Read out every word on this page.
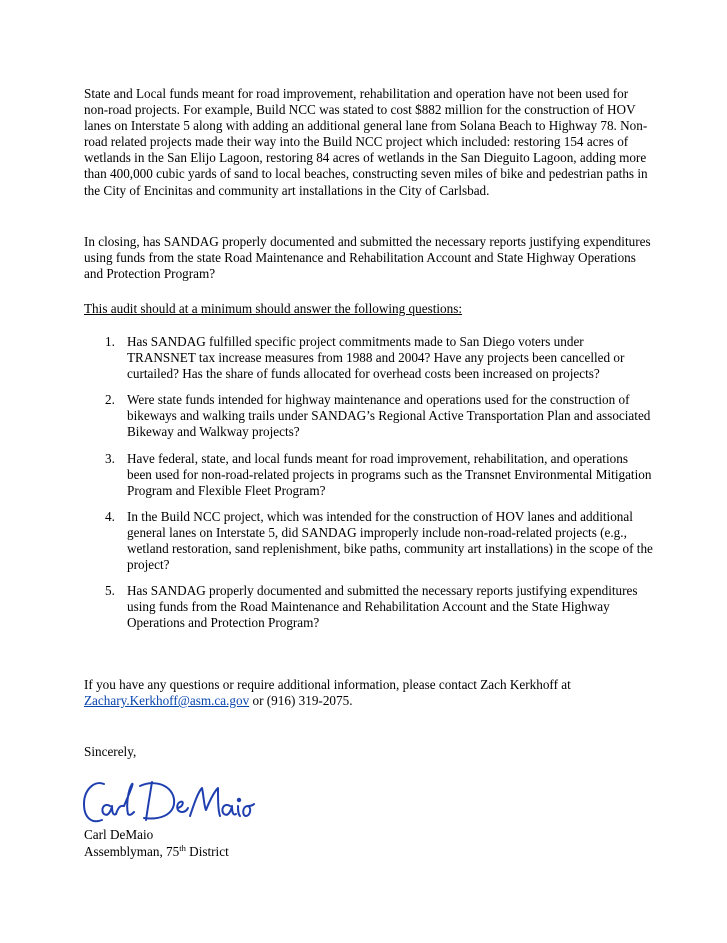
State and Local funds meant for road improvement, rehabilitation and operation have not been used for non-road projects. For example, Build NCC was stated to cost $882 million for the construction of HOV lanes on Interstate 5 along with adding an additional general lane from Solana Beach to Highway 78. Non-road related projects made their way into the Build NCC project which included: restoring 154 acres of wetlands in the San Elijo Lagoon, restoring 84 acres of wetlands in the San Dieguito Lagoon, adding more than 400,000 cubic yards of sand to local beaches, constructing seven miles of bike and pedestrian paths in the City of Encinitas and community art installations in the City of Carlsbad.

In closing, has SANDAG properly documented and submitted the necessary reports justifying expenditures using funds from the state Road Maintenance and Rehabilitation Account and State Highway Operations and Protection Program?

This audit should at a minimum should answer the following questions:

1. Has SANDAG fulfilled specific project commitments made to San Diego voters under TRANSNET tax increase measures from 1988 and 2004? Have any projects been cancelled or curtailed? Has the share of funds allocated for overhead costs been increased on projects?
2. Were state funds intended for highway maintenance and operations used for the construction of bikeways and walking trails under SANDAG’s Regional Active Transportation Plan and associated Bikeway and Walkway projects?
3. Have federal, state, and local funds meant for road improvement, rehabilitation, and operations been used for non-road-related projects in programs such as the Transnet Environmental Mitigation Program and Flexible Fleet Program?
4. In the Build NCC project, which was intended for the construction of HOV lanes and additional general lanes on Interstate 5, did SANDAG improperly include non-road-related projects (e.g., wetland restoration, sand replenishment, bike paths, community art installations) in the scope of the project?
5. Has SANDAG properly documented and submitted the necessary reports justifying expenditures using funds from the Road Maintenance and Rehabilitation Account and the State Highway Operations and Protection Program?

If you have any questions or require additional information, please contact Zach Kerkhoff at
Zachary.Kerkhoff@asm.ca.gov or (916) 319-2075.

Sincerely,

Carl DeMaio

Assemblyman, 75th District
